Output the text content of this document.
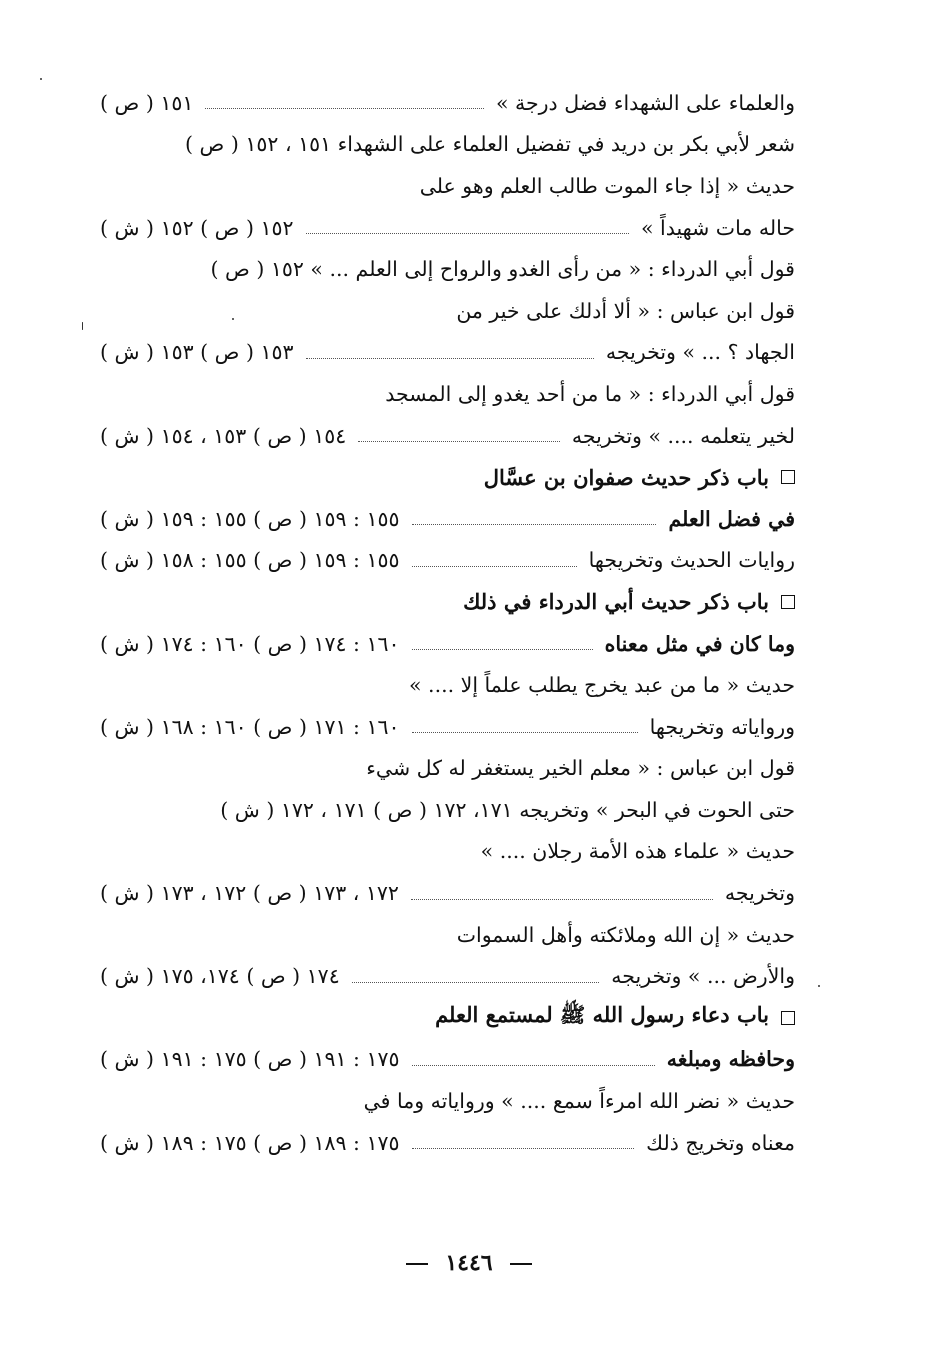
والعلماء على الشهداء فضل درجة »
١٥١ ( ص )
شعر لأبي بكر بن دريد في تفضيل العلماء على الشهداء ١٥١ ، ١٥٢ ( ص )
حديث « إذا جاء الموت طالب العلم وهو على
حاله مات شهيداً »
١٥٢ ( ص ) ١٥٢ ( ش )
قول أبي الدرداء : « من رأى الغدو والرواح إلى العلم ... » ١٥٢ ( ص )
قول ابن عباس : « ألا أدلك على خير من
الجهاد ؟ ... » وتخريجه
١٥٣ ( ص ) ١٥٣ ( ش )
قول أبي الدرداء : « ما من أحد يغدو إلى المسجد
لخير يتعلمه .... » وتخريجه
١٥٤ ( ص ) ١٥٣ ، ١٥٤ ( ش )
باب ذكر حديث صفوان بن عسَّال
في فضل العلم
١٥٥ : ١٥٩ ( ص ) ١٥٥ : ١٥٩ ( ش )
روايات الحديث وتخريجها
١٥٥ : ١٥٩ ( ص ) ١٥٥ : ١٥٨ ( ش )
باب ذكر حديث أبي الدرداء في ذلك
وما كان في مثل معناه
١٦٠ : ١٧٤ ( ص ) ١٦٠ : ١٧٤ ( ش )
حديث « ما من عبد يخرج يطلب علماً إلا .... »
ورواياته وتخريجها
١٦٠ : ١٧١ ( ص ) ١٦٠ : ١٦٨ ( ش )
قول ابن عباس : « معلم الخير يستغفر له كل شيء
حتى الحوت في البحر » وتخريجه ١٧١، ١٧٢ ( ص ) ١٧١ ، ١٧٢ ( ش )
حديث « علماء هذه الأمة رجلان .... »
وتخريجه
١٧٢ ، ١٧٣ ( ص ) ١٧٢ ، ١٧٣ ( ش )
حديث « إن الله وملائكته وأهل السموات
والأرض ... » وتخريجه
١٧٤ ( ص ) ١٧٤، ١٧٥ ( ش )
باب دعاء رسول الله ﷺ لمستمع العلم
وحافظه ومبلغه
١٧٥ : ١٩١ ( ص ) ١٧٥ : ١٩١ ( ش )
حديث « نضر الله امرءاً سمع .... » ورواياته وما في
معناه وتخريج ذلك
١٧٥ : ١٨٩ ( ص ) ١٧٥ : ١٨٩ ( ش )
١٤٤٦
